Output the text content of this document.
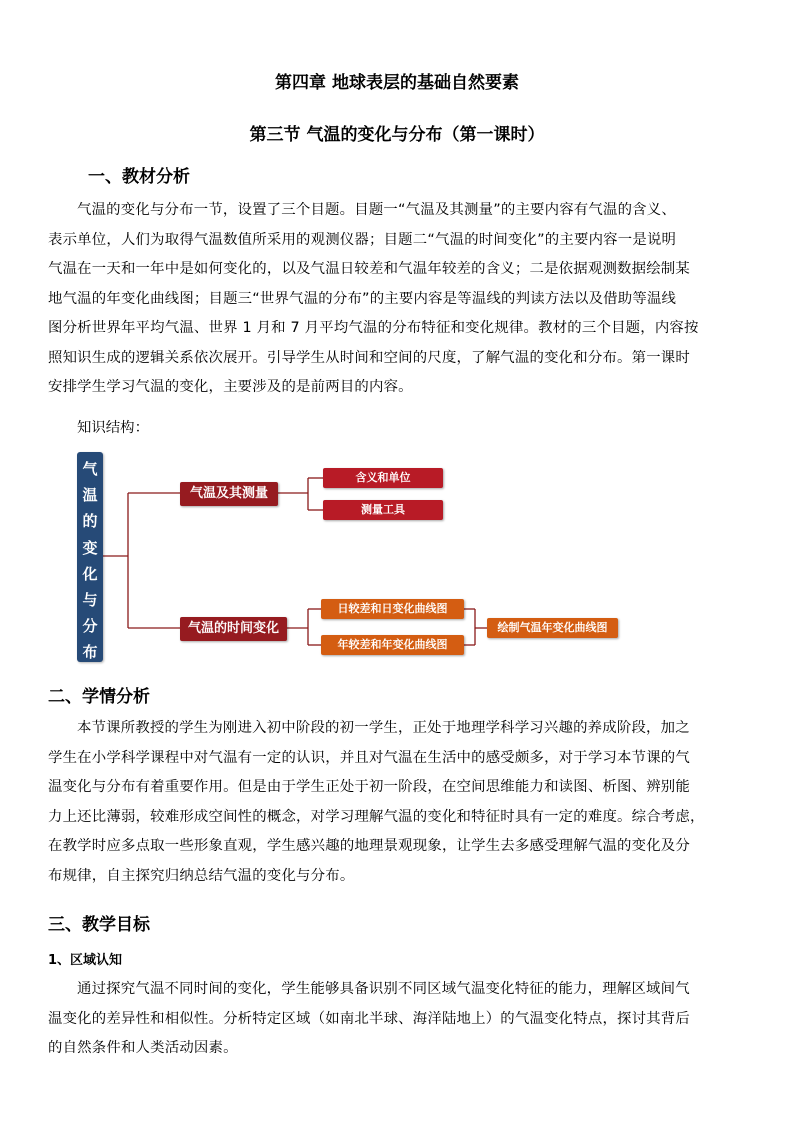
第四章 地球表层的基础自然要素
第三节 气温的变化与分布（第一课时）
一、教材分析
气温的变化与分布一节，设置了三个目题。目题一“气温及其测量”的主要内容有气温的含义、
表示单位，人们为取得气温数值所采用的观测仪器；目题二“气温的时间变化”的主要内容一是说明
气温在一天和一年中是如何变化的，以及气温日较差和气温年较差的含义；二是依据观测数据绘制某
地气温的年变化曲线图；目题三“世界气温的分布”的主要内容是等温线的判读方法以及借助等温线
图分析世界年平均气温、世界 1 月和 7 月平均气温的分布特征和变化规律。教材的三个目题，内容按
照知识生成的逻辑关系依次展开。引导学生从时间和空间的尺度，了解气温的变化和分布。第一课时
安排学生学习气温的变化，主要涉及的是前两目的内容。
知识结构：
气
温
的
变
化
与
分
布
气温及其测量
含义和单位
测量工具
气温的时间变化
日较差和日变化曲线图
年较差和年变化曲线图
绘制气温年变化曲线图
二、学情分析
本节课所教授的学生为刚进入初中阶段的初一学生，正处于地理学科学习兴趣的养成阶段，加之
学生在小学科学课程中对气温有一定的认识，并且对气温在生活中的感受颇多，对于学习本节课的气
温变化与分布有着重要作用。但是由于学生正处于初一阶段，在空间思维能力和读图、析图、辨别能
力上还比薄弱，较难形成空间性的概念，对学习理解气温的变化和特征时具有一定的难度。综合考虑，
在教学时应多点取一些形象直观，学生感兴趣的地理景观现象，让学生去多感受理解气温的变化及分
布规律，自主探究归纳总结气温的变化与分布。
三、教学目标
1、区域认知
通过探究气温不同时间的变化，学生能够具备识别不同区域气温变化特征的能力，理解区域间气
温变化的差异性和相似性。分析特定区域（如南北半球、海洋陆地上）的气温变化特点，探讨其背后
的自然条件和人类活动因素。
